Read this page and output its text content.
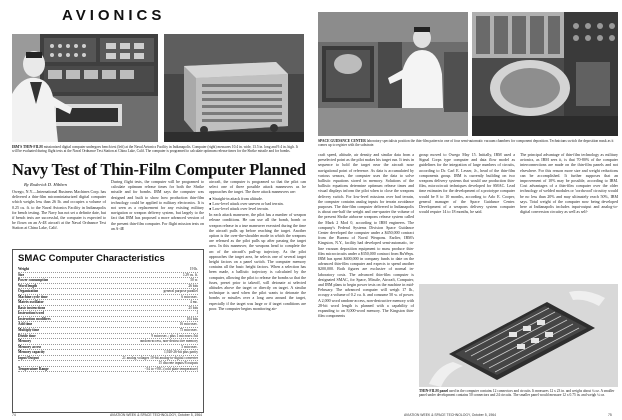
AVIONICS
IBM'S THIN-FILM missionized digital computer undergoes bench test (left) at the Naval Avionics Facility in Indianapolis. Computer (right) measures 10.4 in. wide, 13.5 in. long and 9.4 in. high. It will be evaluated during flight tests at the Naval Ordnance Test Station at China Lake, Calif. The computer is programed to calculate optimum release times for the Shrike missile and for bombs.
Navy Test of Thin-Film Computer Planned
By Roderick D. Hibben
Owego, N.Y.—International Business Machines Corp. has delivered a thin-film microminiaturized digital computer which weighs less than 26 lb. and occupies a volume of 0.25 cu. ft. to the Naval Avionics Facility in Indianapolis for bench testing. The Navy has not set a definite date, but if bench tests are successful, the computer is expected to be flown on an A-4E aircraft at the Naval Ordnance Test Station at China Lake, Calif.
During flight tests, the computer will be programed to calculate optimum release times for both the Shrike missile and for bombs. IBM says the computer was designed and built to show how production thin-film technology could be applied to military electronics. It is not seen as a replacement for any existing military navigation or weapon delivery system, but largely to the fact that IBM has proposed a more advanced version of the present thin-film computer. For flight mission tests on an A-4E
aircraft, the computer is programed so that the pilot can select one of three possible attack maneuvers as he approaches the target. The three attack maneuvers are:
● Straight-in attack from altitude.
● Low-level attack over uneven or bad terrain.
● Low-level attack over level terrain.
In each attack maneuver, the pilot has a number of weapon release conditions. He can use all the bomb, bomb or weapon release in a true maneuver executed during the time the aircraft pulls up before reaching the target. Another option is the over-the-shoulder mode in which the weapons are released as the pilot pulls up after passing the target area. In this maneuver, the weapons head to complete the arc of the aircraft's pull-up trajectory. As the pilot approaches the target area, he selects one of several target height factors on a panel switch. The computer memory contains all the basic height factors. When a selection has been made, a ballistic trajectory is calculated by the computer, allowing the pilot to release the bombs so that the fuses, preset prior to takeoff, will detonate at selected altitudes above the target or directly on target. A similar technique is used when the pilot wants to detonate the bombs or missiles over a long area around the target, especially if the target was large or if target conditions are poor. The computer begins monitoring air-
SMAC Computer Characteristics
Weight	19 lb.
Size	0.29 cu. ft.
Power consumption	50 w.
Word length	26 bits
Organization	general purpose parallel
Machine cycle time	6 microsec.
Matrix oscillator	4 mc.
Basic instructions	25 bits
Instruction/word	1
Instruction modifiers	104 bits
Add time	16 microsec.
Multiply time	75 microsec.
Divide time	9 microsec.; plus 1 microsec./bit
Memory	random-access, non-destructive memory
Memory access	5 microsec.
Memory capacity	1,920-26-bit plus parity
Input/Output	21 analog voltages 10-bit analog-to-digital converter
15 discrete inputs/8 outputs
Temperature Range	−54 to +95C (cold plate temperature)
74	AVIATION WEEK & SPACE TECHNOLOGY, October 5, 1964
SPACE GUIDANCE CENTER laboratory specialists position the thin-film pattern in one of four semi-automatic vacuum chambers for component deposition. Technicians switch the deposition mask as it comes up to register with the substrate.
craft speed, altitude, air density and similar data from a preselected point as the pilot makes his target run. It tests in sequence to hold the target near the aircraft nose navigational point of reference. As data is accumulated by various sensors, the computer uses the data to solve ballistic equations stored in memory. Solutions of the ballistic equations determine optimum release times and visual displays inform the pilot when to close the weapons delivery switch. For low-level missions over bad terrain, the computer contains analog inputs for terrain avoidance purposes. The thin-film computer delivered to Indianapolis is about one-half the weight and one-quarter the volume of the present Shrike airborne weapons release system called the Mark 2 Mod 0, according to IBM engineers. The company's Federal Systems Division Space Guidance Center developed the computer under a $450,000 contract from the Bureau of Naval Weapons. Earlier, IBM's Kingston, N.Y., facility had developed semi-automatic, in-line vacuum deposition equipment to mass produce thin-film microcircuits under a $350,000 contract from BuWeps. IBM has spent $400,000 in company funds to date on the advanced thin-film computer and expects to spend another $200,000. Both figures are exclusive of normal in-laboratory costs. The advanced thin-film computer is designated SMAC, for Space, Missile, Aircraft, Computer, and IBM plans to begin power tests on the machine in mid-February. The advanced computer will weigh 17 lb., occupy a volume of 0.2 cu. ft. and consume 50 w. of power. A 2,000 word random-access, non-destructive memory with 28-bit word length is planned with a capability of expanding to an 8,000-word memory. The Kingston thin-film components
group moved to Owego May 15. Initially, IBM used a Signal Corps type computer and data flow model as guidelines for the integration of large numbers of circuits, according to Dr. Carl E. Lesser, Jr., head of the thin-film components group. IBM is currently building on two weapons delivery systems that would use production thin-film, microcircuit techniques developed for SMAC. Lead time estimates for the development of a prototype computer would be 8 to 10 months, according to Arlo E. Cooper, general manager of the Space Guidance Center. Development of a weapons delivery system computer would require 14 to 18 months, he said.
The principal advantage of thin-film technology as military avionics, as IBM sees it, is that 70-80% of the computer interconnections are made on the thin-film panels and not elsewhere. For this reason more size and weight reductions can be accomplished. It further supposes that an improvement of 10% may be possible, according to IBM. Cost advantages of a thin-film computer over the older technology of welded modules or 'cordwood' circuitry would be no less than 20% and may ultimately reach 50%, IBM says. Total weight of the computer now being developed here at Indianapolis includes input-output and analog-to-digital conversion circuitry as well as self-
THIN-FILM panel used in the computer contains 12 connectors and circuits. It measures 12 x 23 in. and weighs about ¼ oz. A smaller panel under development contains 50 connectors and 24 circuits. The smaller panel would measure 12 x 0.75 in. and weigh ¼ oz.
AVIATION WEEK & SPACE TECHNOLOGY, October 5, 1964	75
